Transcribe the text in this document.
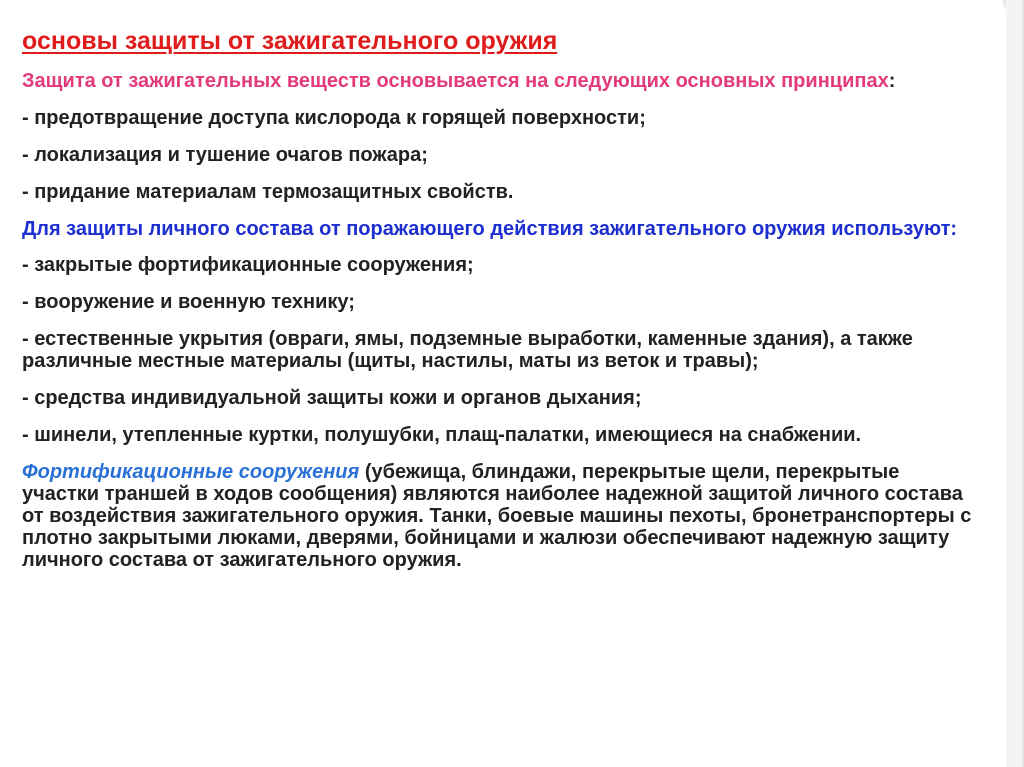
основы защиты от зажигательного оружия
Защита от зажигательных веществ основывается на следующих основных принципах:
- предотвращение доступа кислорода к горящей поверхности;
- локализация и тушение очагов пожара;
- придание материалам термозащитных свойств.
Для защиты личного состава от поражающего действия зажигательного оружия используют:
- закрытые фортификационные сооружения;
- вооружение и военную технику;
- естественные укрытия (овраги, ямы, подземные выработки, каменные здания), а также различные местные материалы (щиты, настилы, маты из веток и травы);
- средства индивидуальной защиты кожи и органов дыхания;
- шинели, утепленные куртки, полушубки, плащ-палатки, имеющиеся на снабжении.
Фортификационные сооружения (убежища, блиндажи, перекрытые щели, перекрытые участки траншей в ходов сообщения) являются наиболее надежной защитой личного состава от воздействия зажигательного оружия. Танки, боевые машины пехоты, бронетранспортеры с плотно закрытыми люками, дверями, бойницами и жалюзи обеспечивают надежную защиту личного состава от зажигательного оружия.
